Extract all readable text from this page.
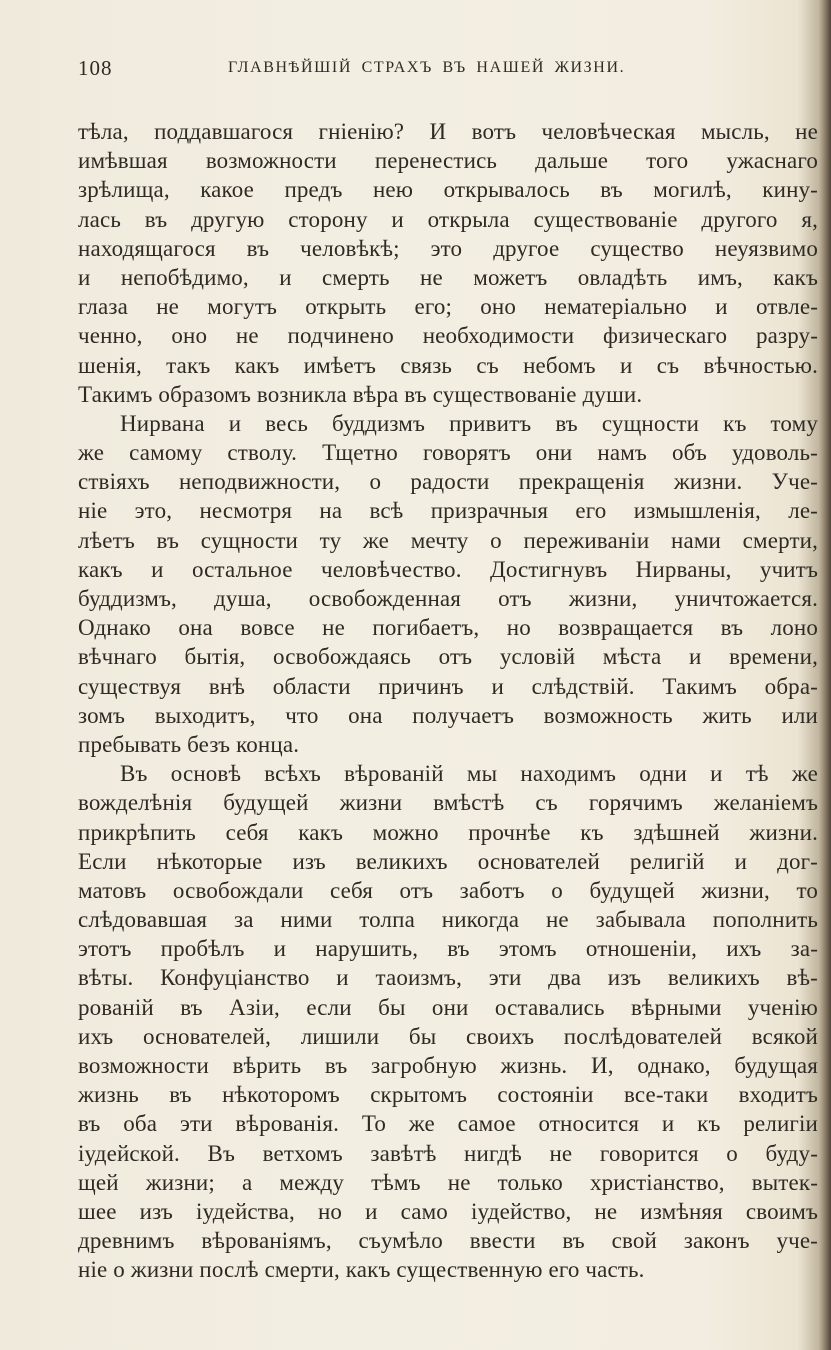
108	ГЛАВНѢЙШІЙ СТРАХЪ ВЪ НАШЕЙ ЖИЗНИ.
тѣла, поддавшагося гніенію? И вотъ человѣческая мысль, не
имѣвшая возможности перенестись дальше того ужаснаго
зрѣлища, какое предъ нею открывалось въ могилѣ, кину-
лась въ другую сторону и открыла существованіе другого я,
находящагося въ человѣкѣ; это другое существо неуязвимо
и непобѣдимо, и смерть не можетъ овладѣть имъ, какъ
глаза не могутъ открыть его; оно нематеріально и отвле-
ченно, оно не подчинено необходимости физическаго разру-
шенія, такъ какъ имѣетъ связь съ небомъ и съ вѣчностью.
Такимъ образомъ возникла вѣра въ существованіе души.
Нирвана и весь буддизмъ привитъ въ сущности къ тому
же самому стволу. Тщетно говорятъ они намъ объ удоволь-
ствіяхъ неподвижности, о радости прекращенія жизни. Уче-
ніе это, несмотря на всѣ призрачныя его измышленія, ле-
лѣетъ въ сущности ту же мечту о переживаніи нами смерти,
какъ и остальное человѣчество. Достигнувъ Нирваны, учитъ
буддизмъ, душа, освобожденная отъ жизни, уничтожается.
Однако она вовсе не погибаетъ, но возвращается въ лоно
вѣчнаго бытія, освобождаясь отъ условій мѣста и времени,
существуя внѣ области причинъ и слѣдствій. Такимъ обра-
зомъ выходитъ, что она получаетъ возможность жить или
пребывать безъ конца.
Въ основѣ всѣхъ вѣрованій мы находимъ одни и тѣ же
вожделѣнія будущей жизни вмѣстѣ съ горячимъ желаніемъ
прикрѣпить себя какъ можно прочнѣе къ здѣшней жизни.
Если нѣкоторые изъ великихъ основателей религій и дог-
матовъ освобождали себя отъ заботъ о будущей жизни, то
слѣдовавшая за ними толпа никогда не забывала пополнить
этотъ пробѣлъ и нарушить, въ этомъ отношеніи, ихъ за-
вѣты. Конфуціанство и таоизмъ, эти два изъ великихъ вѣ-
рованій въ Азіи, если бы они оставались вѣрными ученію
ихъ основателей, лишили бы своихъ послѣдователей всякой
возможности вѣрить въ загробную жизнь. И, однако, будущая
жизнь въ нѣкоторомъ скрытомъ состояніи все-таки входитъ
въ оба эти вѣрованія. То же самое относится и къ религіи
іудейской. Въ ветхомъ завѣтѣ нигдѣ не говорится о буду-
щей жизни; а между тѣмъ не только христіанство, вытек-
шее изъ іудейства, но и само іудейство, не измѣняя своимъ
древнимъ вѣрованіямъ, съумѣло ввести въ свой законъ уче-
ніе о жизни послѣ смерти, какъ существенную его часть.
